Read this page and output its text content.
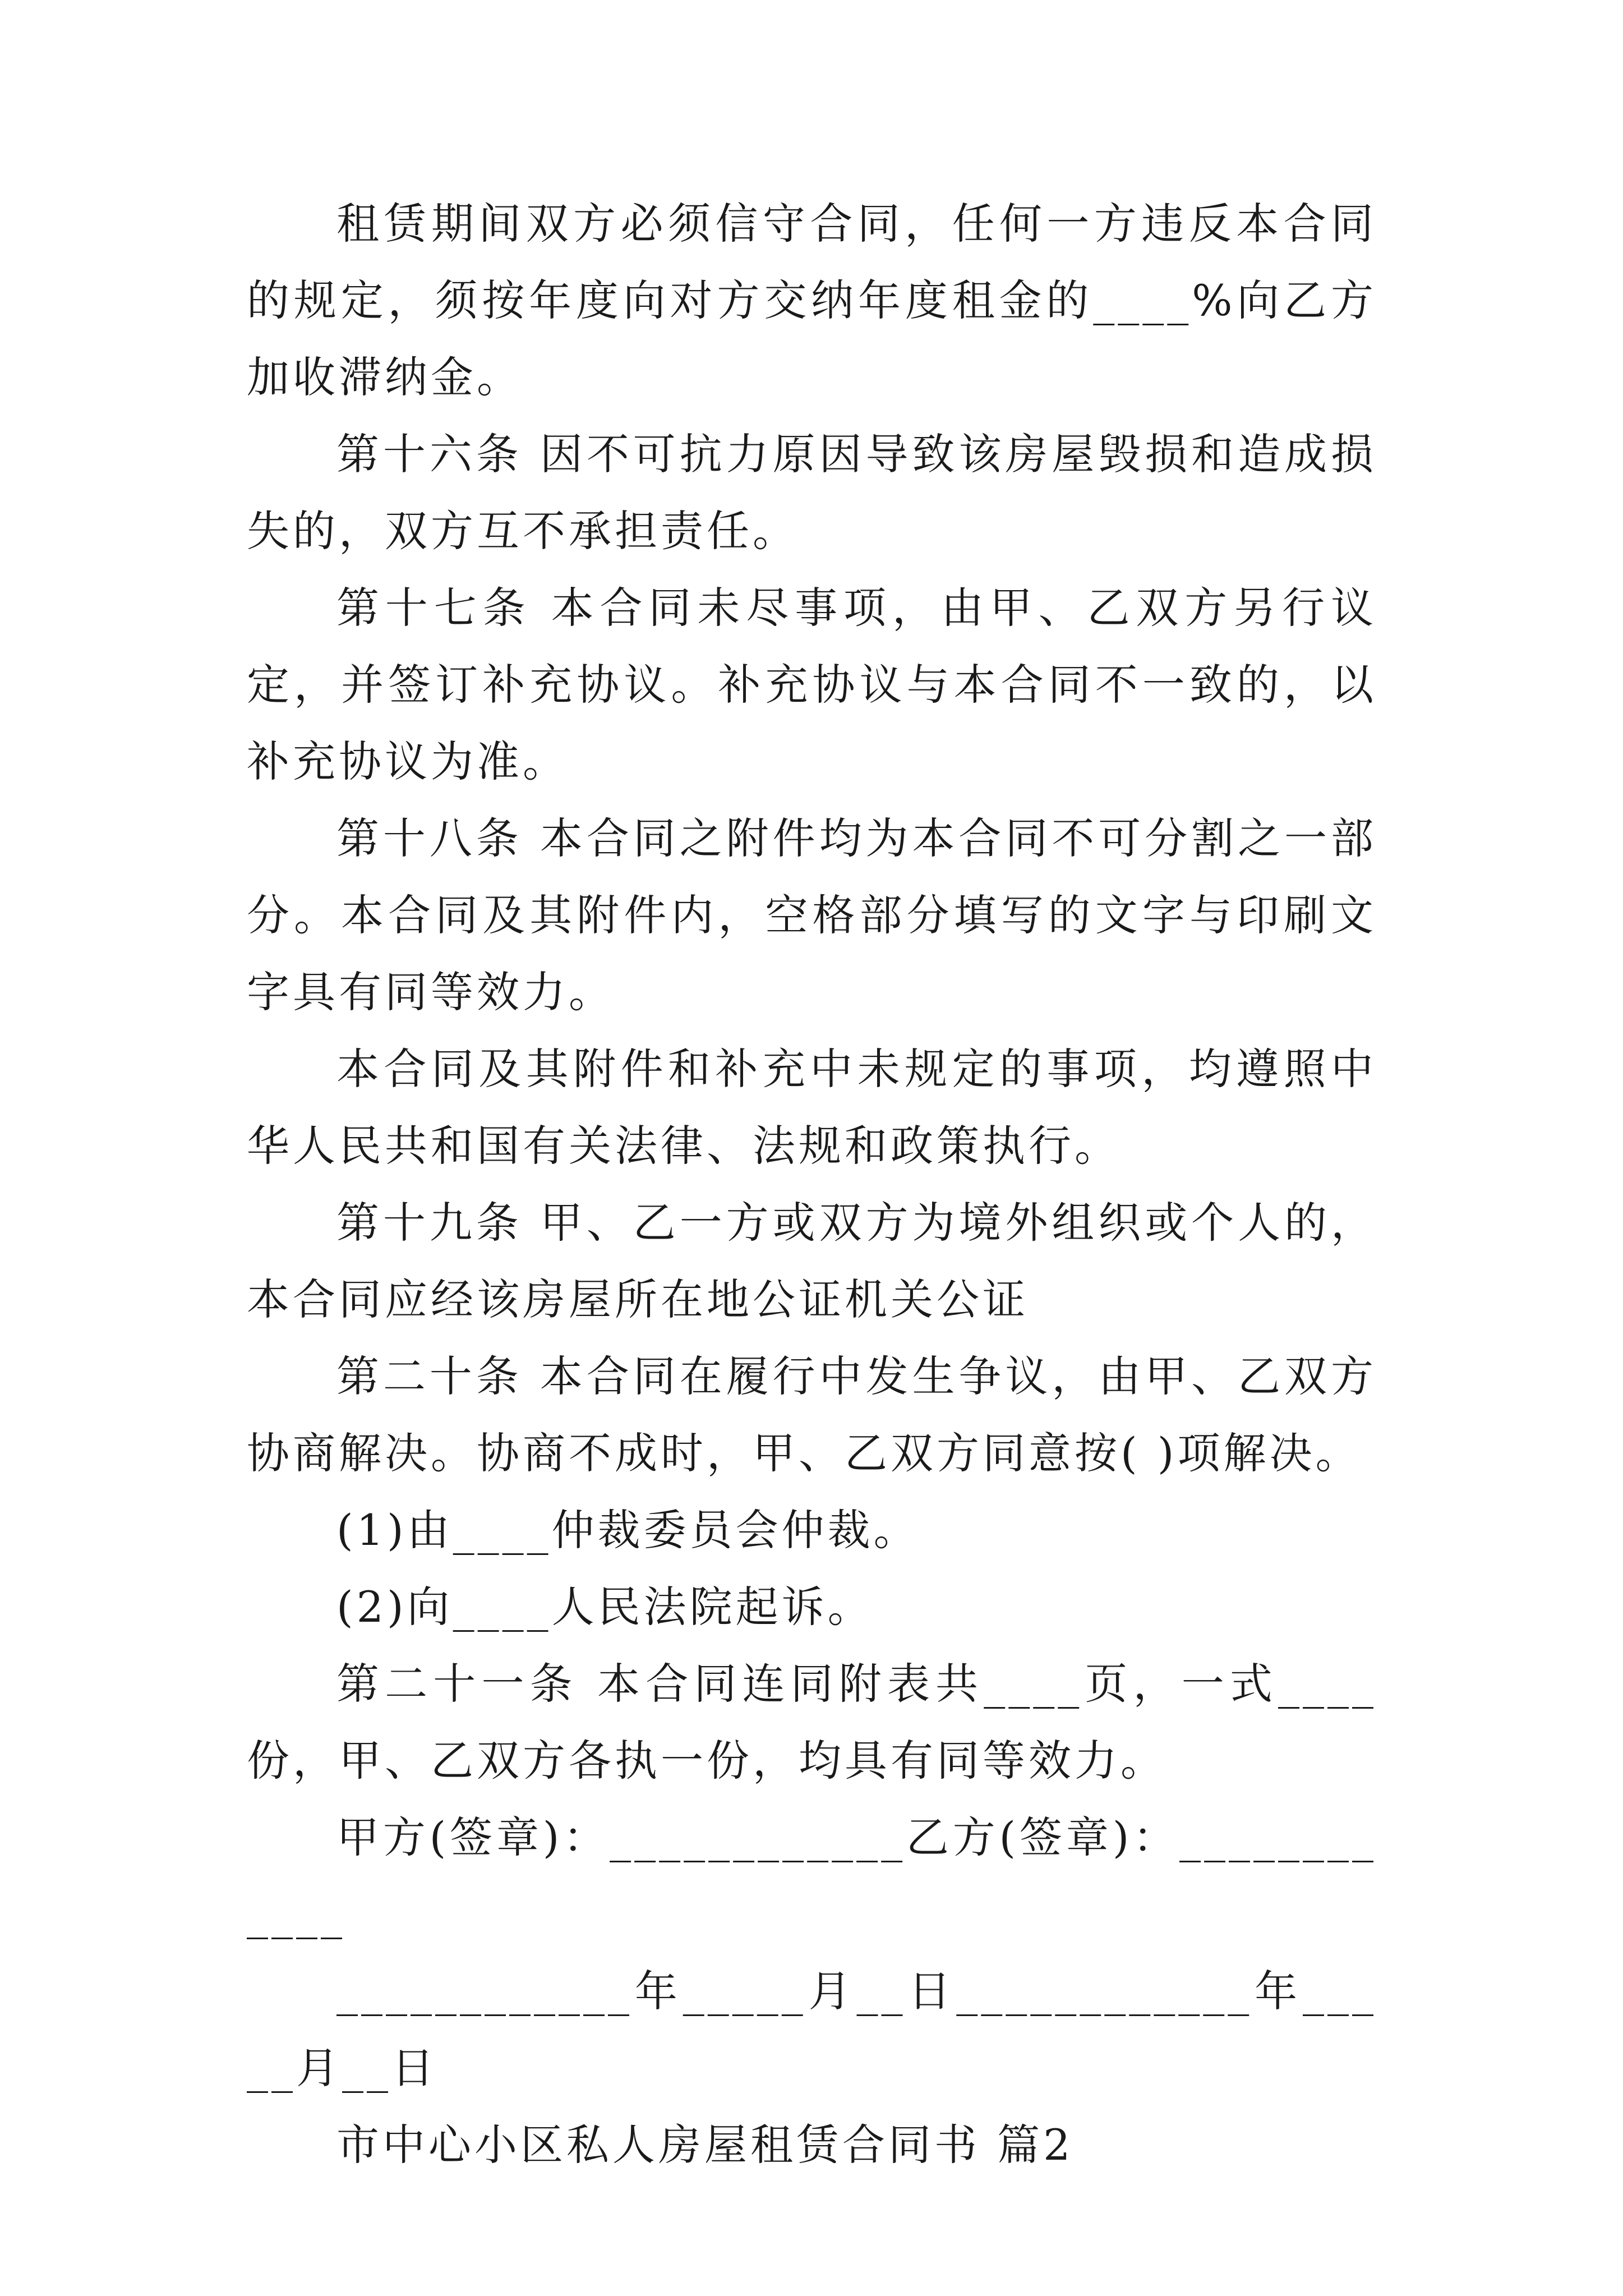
租赁期间双方必须信守合同，任何一方违反本合同的规定，须按年度向对方交纳年度租金的____%向乙方加收滞纳金。

第十六条 因不可抗力原因导致该房屋毁损和造成损失的，双方互不承担责任。

第十七条 本合同未尽事项，由甲、乙双方另行议定，并签订补充协议。补充协议与本合同不一致的，以补充协议为准。

第十八条 本合同之附件均为本合同不可分割之一部分。本合同及其附件内，空格部分填写的文字与印刷文字具有同等效力。

本合同及其附件和补充中未规定的事项，均遵照中华人民共和国有关法律、法规和政策执行。

第十九条 甲、乙一方或双方为境外组织或个人的，本合同应经该房屋所在地公证机关公证

第二十条 本合同在履行中发生争议，由甲、乙双方协商解决。协商不成时，甲、乙双方同意按( )项解决。

(1)由____仲裁委员会仲裁。

(2)向____人民法院起诉。

第二十一条 本合同连同附表共____页，一式____份，甲、乙双方各执一份，均具有同等效力。

甲方(签章)：____________乙方(签章)：____________

____________年_____月__日____________年_____月__日

市中心小区私人房屋租赁合同书 篇2
